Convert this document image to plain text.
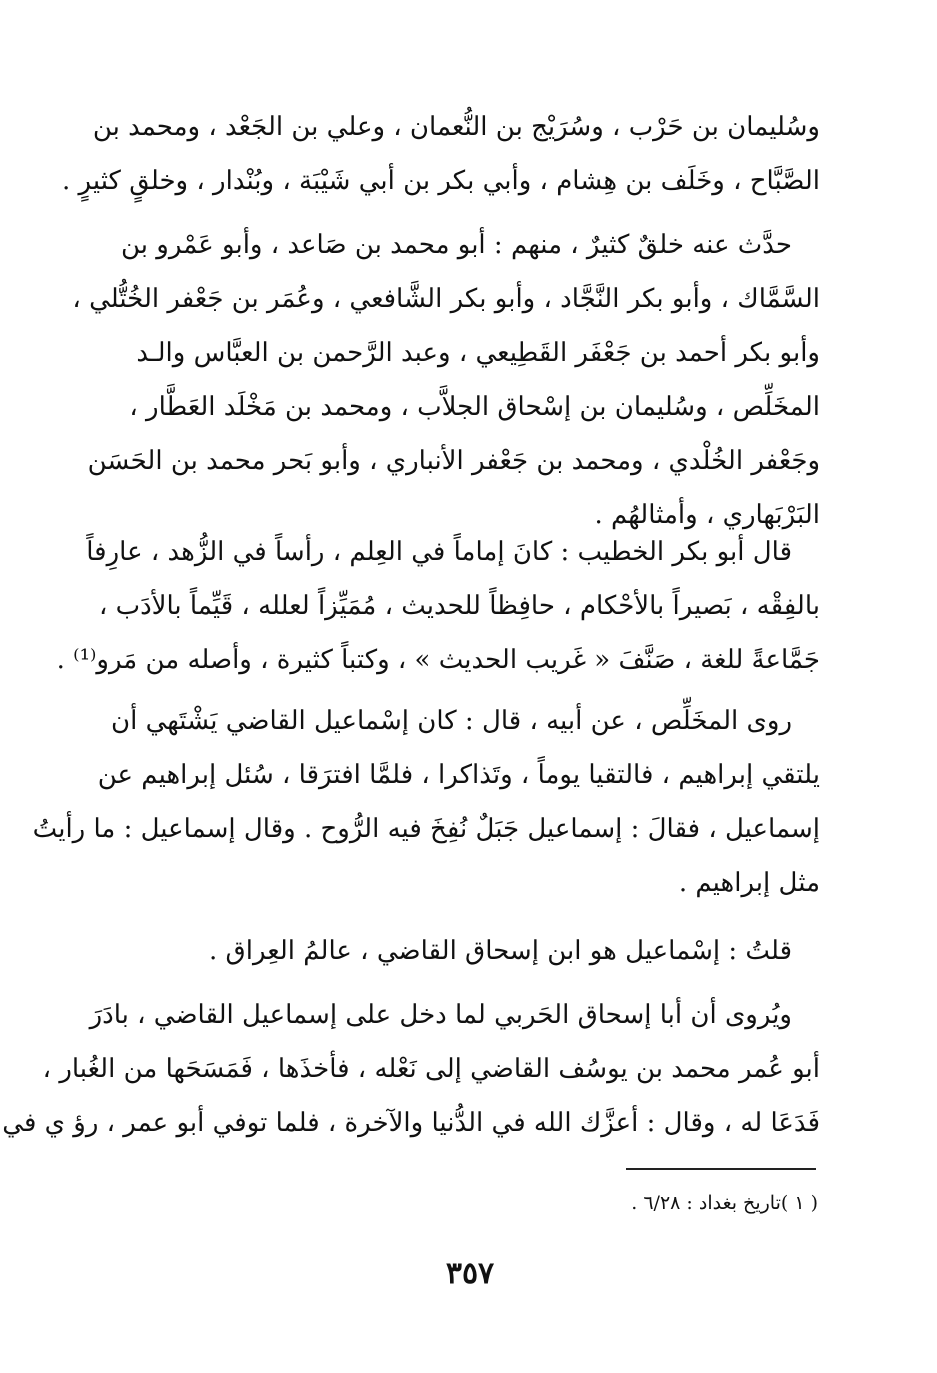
وسُليمان بن حَرْب ، وسُرَيْج بن النُّعمان ، وعلي بن الجَعْد ، ومحمد بن
الصَّبَّاح ، وخَلَف بن هِشام ، وأبي بكر بن أبي شَيْبَة ، وبُنْدار ، وخلقٍ كثيرٍ .
حدَّث عنه خلقٌ كثيرٌ ، منهم : أبو محمد بن صَاعد ، وأبو عَمْرو بن
السَّمَّاك ، وأبو بكر النَّجَّاد ، وأبو بكر الشَّافعي ، وعُمَر بن جَعْفر الخُتُّلي ،
وأبو بكر أحمد بن جَعْفَر القَطِيعي ، وعبد الرَّحمن بن العبَّاس والـد
المخَلِّص ، وسُليمان بن إسْحاق الجلاَّب ، ومحمد بن مَخْلَد العَطَّار ،
وجَعْفر الخُلْدي ، ومحمد بن جَعْفر الأنباري ، وأبو بَحر محمد بن الحَسَن
البَرْبَهاري ، وأمثالهُم .
قال أبو بكر الخطيب : كانَ إماماً في العِلم ، رأساً في الزُّهد ، عارِفاً
بالفِقْه ، بَصيراً بالأحْكام ، حافِظاً للحديث ، مُمَيِّزاً لعلله ، قَيِّماً بالأدَب ،
جَمَّاعةً للغة ، صَنَّفَ « غَريب الحديث » ، وكتباً كثيرة ، وأصله من مَرو⁽¹⁾ .
روى المخَلِّص ، عن أبيه ، قال : كان إسْماعيل القاضي يَشْتَهي أن
يلتقي إبراهيم ، فالتقيا يوماً ، وتَذاكرا ، فلمَّا افترَقا ، سُئل إبراهيم عن
إسماعيل ، فقالَ : إسماعيل جَبَلٌ نُفِخَ فيه الرُّوح . وقال إسماعيل : ما رأيتُ
مثل إبراهيم .
قلتُ : إسْماعيل هو ابن إسحاق القاضي ، عالمُ العِراق .
ويُروى أن أبا إسحاق الحَربي لما دخل على إسماعيل القاضي ، بادَرَ
أبو عُمر محمد بن يوسُف القاضي إلى نَعْله ، فأخذَها ، فَمَسَحَها من الغُبار ،
فَدَعَا له ، وقال : أعزَّك الله في الدُّنيا والآخرة ، فلما توفي أبو عمر ، رؤ ي في
( ١ )تاريخ بغداد : ٦/٢٨ .
٣٥٧
